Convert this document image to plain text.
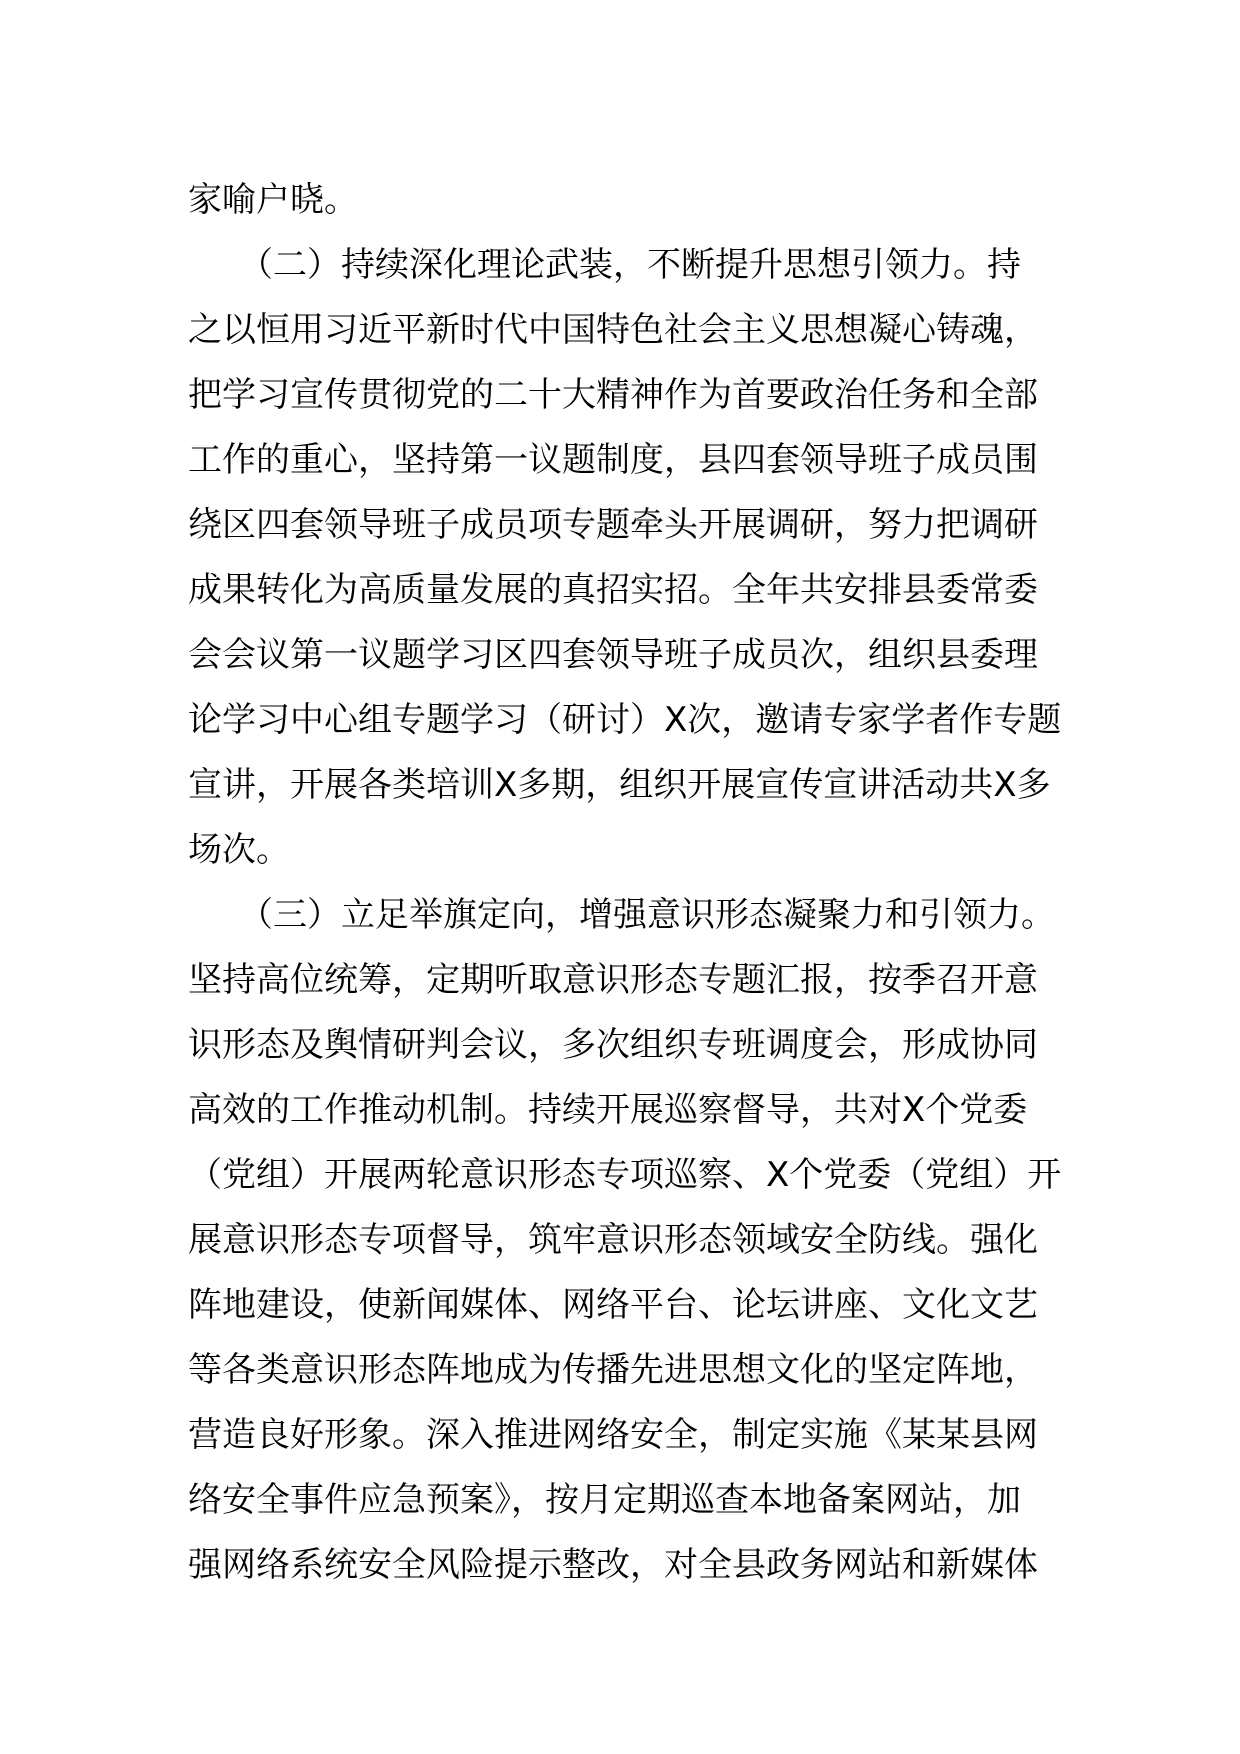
家喻户晓。
　　（二）持续深化理论武装，不断提升思想引领力。持
之以恒用习近平新时代中国特色社会主义思想凝心铸魂，
把学习宣传贯彻党的二十大精神作为首要政治任务和全部
工作的重心，坚持第一议题制度，县四套领导班子成员围
绕区四套领导班子成员项专题牵头开展调研，努力把调研
成果转化为高质量发展的真招实招。全年共安排县委常委
会会议第一议题学习区四套领导班子成员次，组织县委理
论学习中心组专题学习（研讨）X次，邀请专家学者作专题
宣讲，开展各类培训X多期，组织开展宣传宣讲活动共X多
场次。
　　（三）立足举旗定向，增强意识形态凝聚力和引领力。
坚持高位统筹，定期听取意识形态专题汇报，按季召开意
识形态及舆情研判会议，多次组织专班调度会，形成协同
高效的工作推动机制。持续开展巡察督导，共对X个党委
（党组）开展两轮意识形态专项巡察、X个党委（党组）开
展意识形态专项督导，筑牢意识形态领域安全防线。强化
阵地建设，使新闻媒体、网络平台、论坛讲座、文化文艺
等各类意识形态阵地成为传播先进思想文化的坚定阵地，
营造良好形象。深入推进网络安全，制定实施《某某县网
络安全事件应急预案》，按月定期巡查本地备案网站，加
强网络系统安全风险提示整改，对全县政务网站和新媒体
